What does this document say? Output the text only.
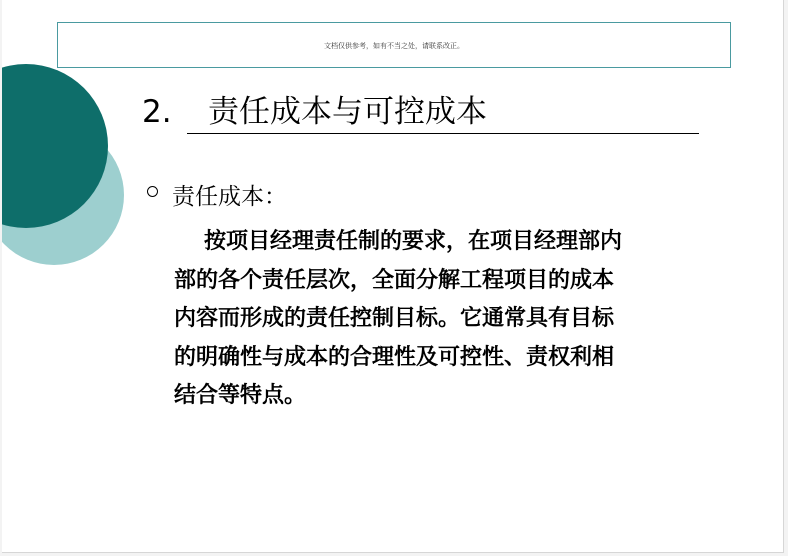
文档仅供参考，如有不当之处，请联系改正。
2. 责任成本与可控成本
责任成本：
按项目经理责任制的要求，在项目经理部内
部的各个责任层次，全面分解工程项目的成本
内容而形成的责任控制目标。它通常具有目标
的明确性与成本的合理性及可控性、责权利相
结合等特点。
